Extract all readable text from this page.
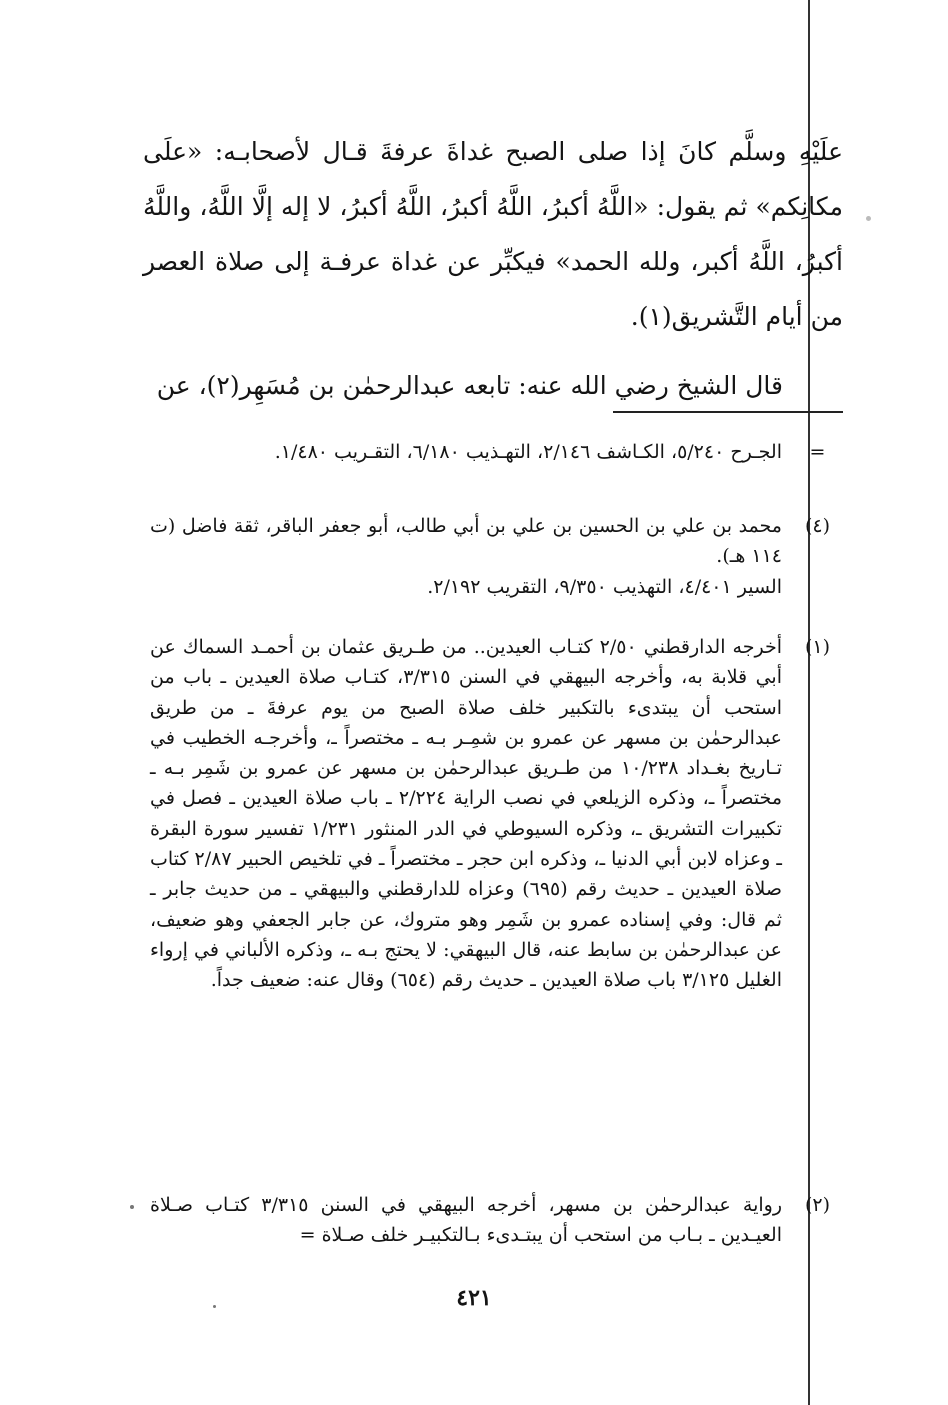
علَيْهِ وسلَّم كانَ إذا صلى الصبح غداةَ عرفةَ قـال لأصحابـه: «علَى مكانِكم» ثم يقول: «اللَّهُ أكبرُ، اللَّهُ أكبرُ، اللَّهُ أكبرُ، لا إله إلَّا اللَّهُ، واللَّهُ أكبرُ، اللَّهُ أكبر، ولله الحمد» فيكبِّر عن غداة عرفـة إلى صلاة العصر من أيام التَّشريق(١).

قال الشيخ رضي الله عنه: تابعه عبدالرحمٰن بن مُسَهِر(٢)، عن

=
الجـرح ٥/٢٤٠، الكـاشف ٢/١٤٦، التهـذيب ٦/١٨٠، التقـريب ١/٤٨٠.
(٤)
محمد بن علي بن الحسين بن علي بن أبي طالب، أبو جعفر الباقر، ثقة فاضل (ت ١١٤ هـ).
السير ٤/٤٠١، التهذيب ٩/٣٥٠، التقريب ٢/١٩٢.
(١)
أخرجه الدارقطني ٢/٥٠ كتـاب العيدين.. من طـريق عثمان بن أحمـد السماك عن أبي قلابة به، وأخرجه البيهقي في السنن ٣/٣١٥، كتـاب صلاة العيدين ـ باب من استحب أن يبتدىء بالتكبير خلف صلاة الصبح من يوم عرفةَ ـ من طريق عبدالرحمٰن بن مسهر عن عمرو بن شمِـر بـه ـ مختصراً ـ، وأخرجـه الخطيب في تـاريخ بغـداد ١٠/٢٣٨ من طـريق عبدالرحمٰن بن مسهر عن عمرو بن شَمِر بـه ـ مختصراً ـ، وذكره الزيلعي في نصب الراية ٢/٢٢٤ ـ باب صلاة العيدين ـ فصل في تكبيرات التشريق ـ، وذكره السيوطي في الدر المنثور ١/٢٣١ تفسير سورة البقرة ـ وعزاه لابن أبي الدنيا ـ، وذكره ابن حجر ـ مختصراً ـ في تلخيص الحبير ٢/٨٧ كتاب صلاة العيدين ـ حديث رقم (٦٩٥) وعزاه للدارقطني والبيهقي ـ من حديث جابر ـ ثم قال: وفي إسناده عمرو بن شَمِر وهو متروك، عن جابر الجعفي وهو ضعيف، عن عبدالرحمٰن بن سابط عنه، قال البيهقي: لا يحتج بـه ـ، وذكره الألباني في إرواء الغليل ٣/١٢٥ باب صلاة العيدين ـ حديث رقم (٦٥٤) وقال عنه: ضعيف جداً.
(٢)
رواية عبدالرحمٰن بن مسهر، أخرجه البيهقي في السنن ٣/٣١٥ كتـاب صـلاة العيـدين ـ بـاب من استحب أن يبتـدىء بـالتكبيـر خلف صـلاة =
٤٢١
